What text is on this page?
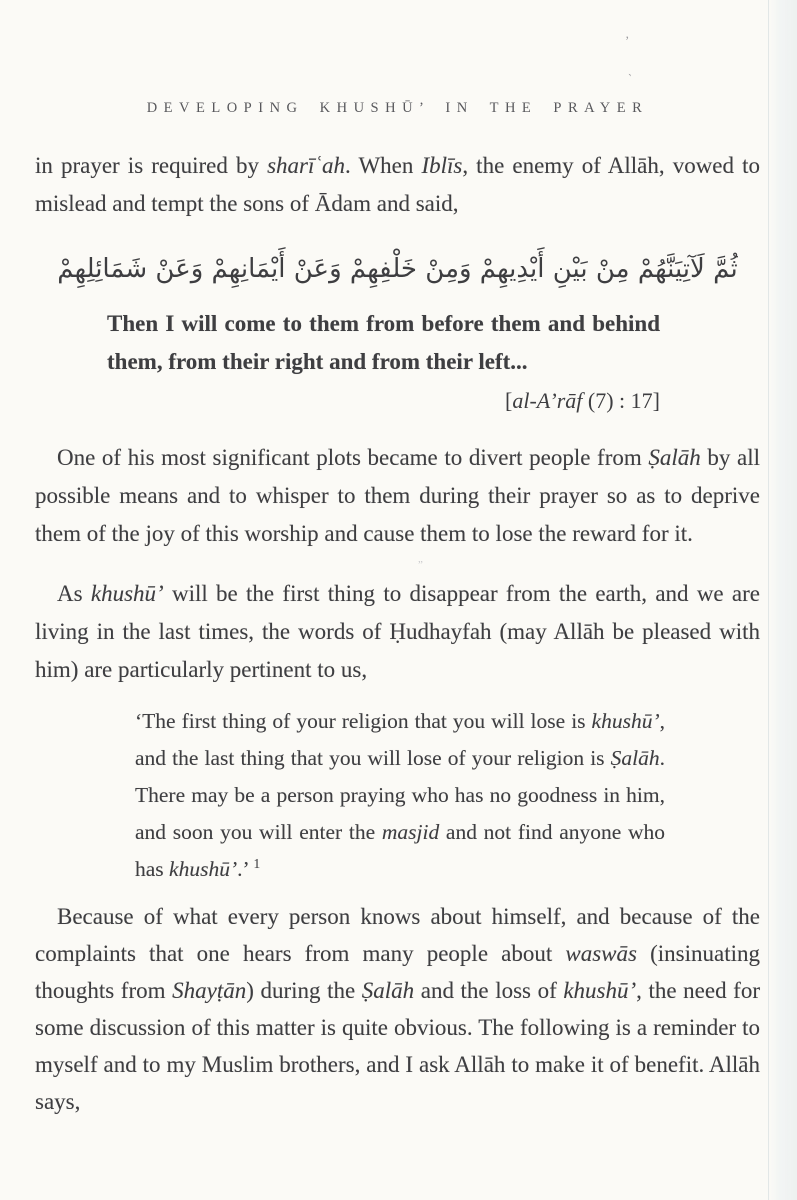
’
`
”
DEVELOPING KHUSHŪ’ IN THE PRAYER

in prayer is required by sharīʿah. When Iblīs, the enemy of Allāh, vowed to mislead and tempt the sons of Ādam and said,

ثُمَّ لَآتِيَنَّهُمْ مِنْ بَيْنِ أَيْدِيهِمْ وَمِنْ خَلْفِهِمْ وَعَنْ أَيْمَانِهِمْ وَعَنْ شَمَائِلِهِمْ

Then I will come to them from before them and behind them, from their right and from their left...

[al-A’rāf (7) : 17]

One of his most significant plots became to divert people from Ṣalāh by all possible means and to whisper to them during their prayer so as to deprive them of the joy of this worship and cause them to lose the reward for it.

As khushū’ will be the first thing to disappear from the earth, and we are living in the last times, the words of Ḥudhayfah (may Allāh be pleased with him) are particularly pertinent to us,

‘The first thing of your religion that you will lose is khushū’, and the last thing that you will lose of your religion is Ṣalāh. There may be a person praying who has no goodness in him, and soon you will enter the masjid and not find anyone who has khushū’.’ $^1$

Because of what every person knows about himself, and because of the complaints that one hears from many people about waswās (insinuating thoughts from Shayṭān) during the Ṣalāh and the loss of khushū’, the need for some discussion of this matter is quite obvious. The following is a reminder to myself and to my Muslim brothers, and I ask Allāh to make it of benefit. Allāh says,
